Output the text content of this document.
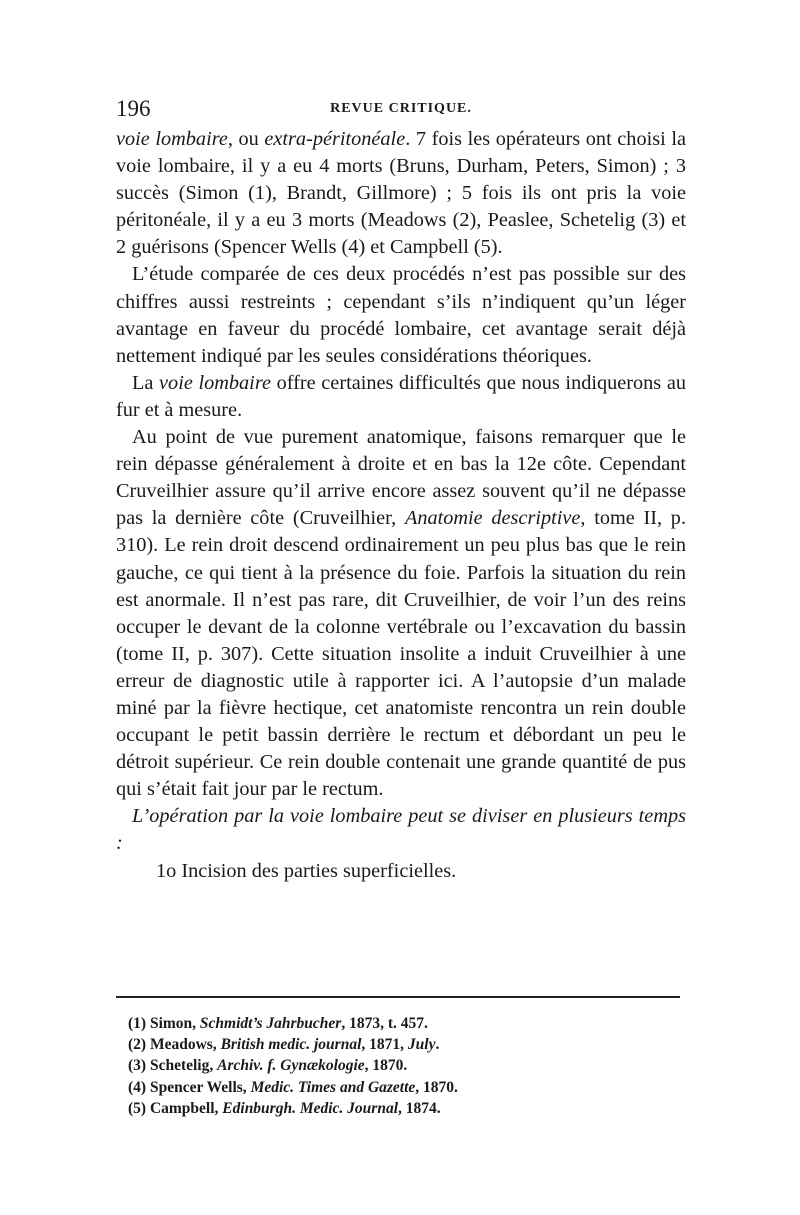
196	REVUE CRITIQUE.

voie lombaire, ou extra-péritonéale. 7 fois les opérateurs ont choisi la voie lombaire, il y a eu 4 morts (Bruns, Durham, Peters, Simon) ; 3 succès (Simon (1), Brandt, Gillmore) ; 5 fois ils ont pris la voie péritonéale, il y a eu 3 morts (Meadows (2), Peaslee, Schetelig (3) et 2 guérisons (Spencer Wells (4) et Campbell (5).

L’étude comparée de ces deux procédés n’est pas possible sur des chiffres aussi restreints ; cependant s’ils n’indiquent qu’un léger avantage en faveur du procédé lombaire, cet avantage serait déjà nettement indiqué par les seules considérations théoriques.

La voie lombaire offre certaines difficultés que nous indiquerons au fur et à mesure.

Au point de vue purement anatomique, faisons remarquer que le rein dépasse généralement à droite et en bas la 12e côte. Cependant Cruveilhier assure qu’il arrive encore assez souvent qu’il ne dépasse pas la dernière côte (Cruveilhier, Anatomie descriptive, tome II, p. 310). Le rein droit descend ordinairement un peu plus bas que le rein gauche, ce qui tient à la présence du foie. Parfois la situation du rein est anormale. Il n’est pas rare, dit Cruveilhier, de voir l’un des reins occuper le devant de la colonne vertébrale ou l’excavation du bassin (tome II, p. 307). Cette situation insolite a induit Cruveilhier à une erreur de diagnostic utile à rapporter ici. A l’autopsie d’un malade miné par la fièvre hectique, cet anatomiste rencontra un rein double occupant le petit bassin derrière le rectum et débordant un peu le détroit supérieur. Ce rein double contenait une grande quantité de pus qui s’était fait jour par le rectum.

L’opération par la voie lombaire peut se diviser en plusieurs temps :

1o Incision des parties superficielles.

(1) Simon, Schmidt’s Jahrbucher, 1873, t. 457.
(2) Meadows, British medic. journal, 1871, July.
(3) Schetelig, Archiv. f. Gynækologie, 1870.
(4) Spencer Wells, Medic. Times and Gazette, 1870.
(5) Campbell, Edinburgh. Medic. Journal, 1874.
